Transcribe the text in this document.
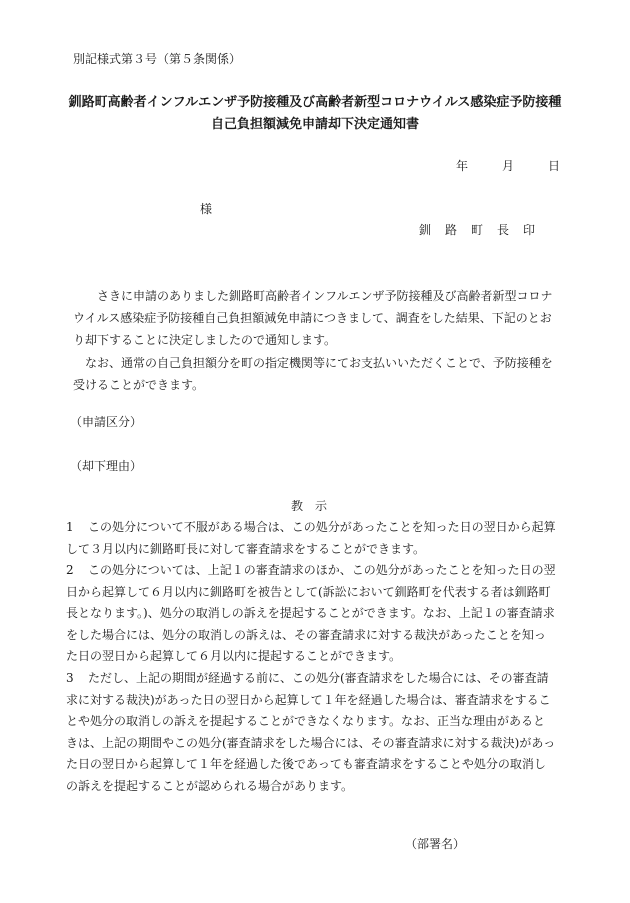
別記様式第３号（第５条関係）
釧路町高齢者インフルエンザ予防接種及び高齢者新型コロナウイルス感染症予防接種
自己負担額減免申請却下決定通知書
年	月	日
様
釧路町長印
さきに申請のありました釧路町高齢者インフルエンザ予防接種及び高齢者新型コロナウイルス感染症予防接種自己負担額減免申請につきまして、調査をした結果、下記のとおり却下することに決定しましたので通知します。
なお、通常の自己負担額分を町の指定機関等にてお支払いいただくことで、予防接種を受けることができます。
（申請区分）
（却下理由）
教示
1	この処分について不服がある場合は、この処分があったことを知った日の翌日から起算して３月以内に釧路町長に対して審査請求をすることができます。
2	この処分については、上記１の審査請求のほか、この処分があったことを知った日の翌日から起算して６月以内に釧路町を被告として(訴訟において釧路町を代表する者は釧路町長となります。)、処分の取消しの訴えを提起することができます。なお、上記１の審査請求をした場合には、処分の取消しの訴えは、その審査請求に対する裁決があったことを知った日の翌日から起算して６月以内に提起することができます。
3	ただし、上記の期間が経過する前に、この処分(審査請求をした場合には、その審査請求に対する裁決)があった日の翌日から起算して１年を経過した場合は、審査請求をすることや処分の取消しの訴えを提起することができなくなります。なお、正当な理由があるときは、上記の期間やこの処分(審査請求をした場合には、その審査請求に対する裁決)があった日の翌日から起算して１年を経過した後であっても審査請求をすることや処分の取消しの訴えを提起することが認められる場合があります。
（部署名）
